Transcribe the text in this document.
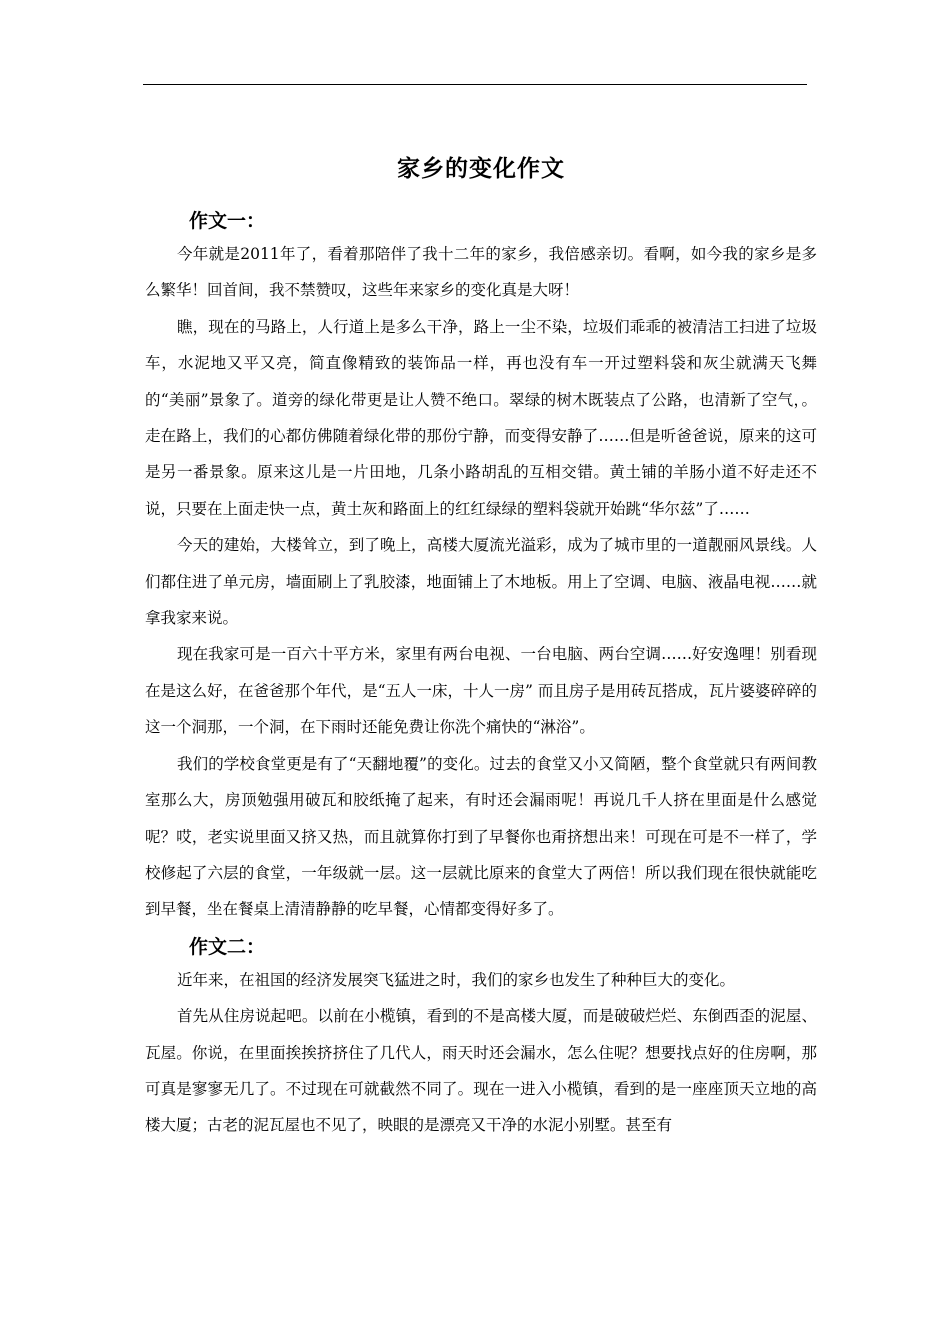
家乡的变化作文
作文一：

今年就是2011年了，看着那陪伴了我十二年的家乡，我倍感亲切。看啊，如今我的家乡是多么繁华！回首间，我不禁赞叹，这些年来家乡的变化真是大呀！

瞧，现在的马路上，人行道上是多么干净，路上一尘不染，垃圾们乖乖的被清洁工扫进了垃圾车，水泥地又平又亮，简直像精致的装饰品一样，再也没有车一开过塑料袋和灰尘就满天飞舞的“美丽”景象了。道旁的绿化带更是让人赞不绝口。翠绿的树木既装点了公路，也清新了空气，。走在路上，我们的心都仿佛随着绿化带的那份宁静，而变得安静了……但是听爸爸说，原来的这可是另一番景象。原来这儿是一片田地，几条小路胡乱的互相交错。黄土铺的羊肠小道不好走还不说，只要在上面走快一点，黄土灰和路面上的红红绿绿的塑料袋就开始跳“华尔兹”了……

今天的建始，大楼耸立，到了晚上，高楼大厦流光溢彩，成为了城市里的一道靓丽风景线。人们都住进了单元房，墙面刷上了乳胶漆，地面铺上了木地板。用上了空调、电脑、液晶电视……就拿我家来说。

现在我家可是一百六十平方米，家里有两台电视、一台电脑、两台空调……好安逸哩！别看现在是这么好，在爸爸那个年代，是“五人一床，十人一房” 而且房子是用砖瓦搭成，瓦片婆婆碎碎的这一个洞那，一个洞，在下雨时还能免费让你洗个痛快的“淋浴”。

我们的学校食堂更是有了“天翻地覆”的变化。过去的食堂又小又简陋，整个食堂就只有两间教室那么大，房顶勉强用破瓦和胶纸掩了起来，有时还会漏雨呢！再说几千人挤在里面是什么感觉呢？哎，老实说里面又挤又热，而且就算你打到了早餐你也甭挤想出来！可现在可是不一样了，学校修起了六层的食堂，一年级就一层。这一层就比原来的食堂大了两倍！所以我们现在很快就能吃到早餐，坐在餐桌上清清静静的吃早餐，心情都变得好多了。

作文二：

近年来，在祖国的经济发展突飞猛进之时，我们的家乡也发生了种种巨大的变化。

首先从住房说起吧。以前在小榄镇，看到的不是高楼大厦，而是破破烂烂、东倒西歪的泥屋、瓦屋。你说，在里面挨挨挤挤住了几代人，雨天时还会漏水，怎么住呢？想要找点好的住房啊，那可真是寥寥无几了。不过现在可就截然不同了。现在一进入小榄镇，看到的是一座座顶天立地的高楼大厦；古老的泥瓦屋也不见了，映眼的是漂亮又干净的水泥小别墅。甚至有
